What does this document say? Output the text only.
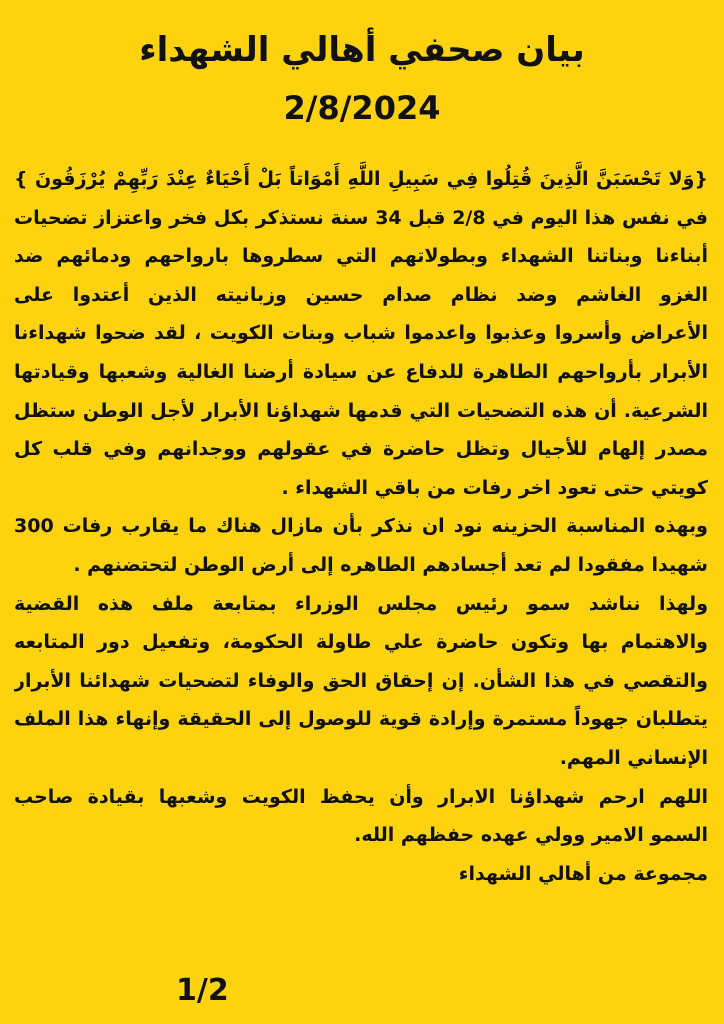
بيان صحفي أهالي الشهداء
2/8/2024
{وَلا تَحْسَبَنَّ الَّذِينَ قُتِلُوا فِي سَبِيلِ اللَّهِ أَمْوَاتاً بَلْ أَحْيَاءٌ عِنْدَ رَبِّهِمْ يُرْزَقُونَ }
في نفس هذا اليوم في 2/8 قبل 34 سنة نستذكر بكل فخر واعتزاز تضحيات
أبناءنا وبناتنا الشهداء وبطولاتهم التي سطروها بارواحهم ودمائهم ضد
الغزو الغاشم وضد نظام صدام حسين وزبانيته الذين أعتدوا على
الأعراض وأسروا وعذبوا واعدموا شباب وبنات الكويت ، لقد ضحوا شهداءنا
الأبرار بأرواحهم الطاهرة للدفاع عن سيادة أرضنا الغالية وشعبها وقيادتها
الشرعية. أن هذه التضحيات التي قدمها شهداؤنا الأبرار لأجل الوطن ستظل
مصدر إلهام للأجيال وتظل حاضرة في عقولهم ووجدانهم وفي قلب كل
كويتي حتى تعود اخر رفات من باقي الشهداء .
وبهذه المناسبة الحزينه نود ان نذكر بأن مازال هناك ما يقارب رفات 300
شهيدا مفقودا لم تعد أجسادهم الطاهره إلى أرض الوطن لتحتضنهم .
ولهذا نناشد سمو رئيس مجلس الوزراء بمتابعة ملف هذه القضية
والاهتمام بها وتكون حاضرة علي طاولة الحكومة، وتفعيل دور المتابعه
والتقصي في هذا الشأن. إن إحقاق الحق والوفاء لتضحيات شهدائنا الأبرار
يتطلبان جهوداً مستمرة وإرادة قوية للوصول إلى الحقيقة وإنهاء هذا الملف
الإنساني المهم.
اللهم ارحم شهداؤنا الابرار وأن يحفظ الكويت وشعبها بقيادة صاحب
السمو الامير وولي عهده حفظهم الله.
مجموعة من أهالي الشهداء
1/2
